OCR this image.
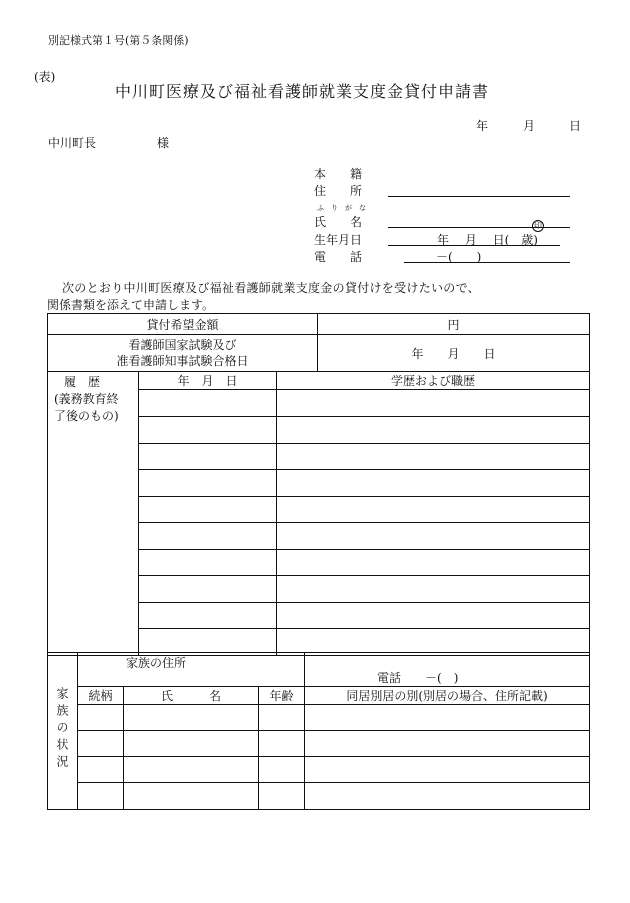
別記様式第１号(第５条関係)
(表)
中川町医療及び福祉看護師就業支度金貸付申請書
年	月	日
中川町長	様
本　　籍
住　　所
ふ　り　が　な
氏　　名	印
生年月日	年　 月　 日(　歳)
電　　話	－(　　)
次のとおり中川町医療及び福祉看護師就業支度金の貸付けを受けたいので、
関係書類を添えて申請します。
貸付希望金額			円

看護師国家試験及び
准看護師知事試験合格日			年　　月　　日

履　歴
(義務教育終了後のもの)	年　月　日	学歴および職歴	

家族の状況	家族の住所			電話　　－(　)
	続柄	氏　　　名	年齢	同居別居の別(別居の場合、住所記載)
